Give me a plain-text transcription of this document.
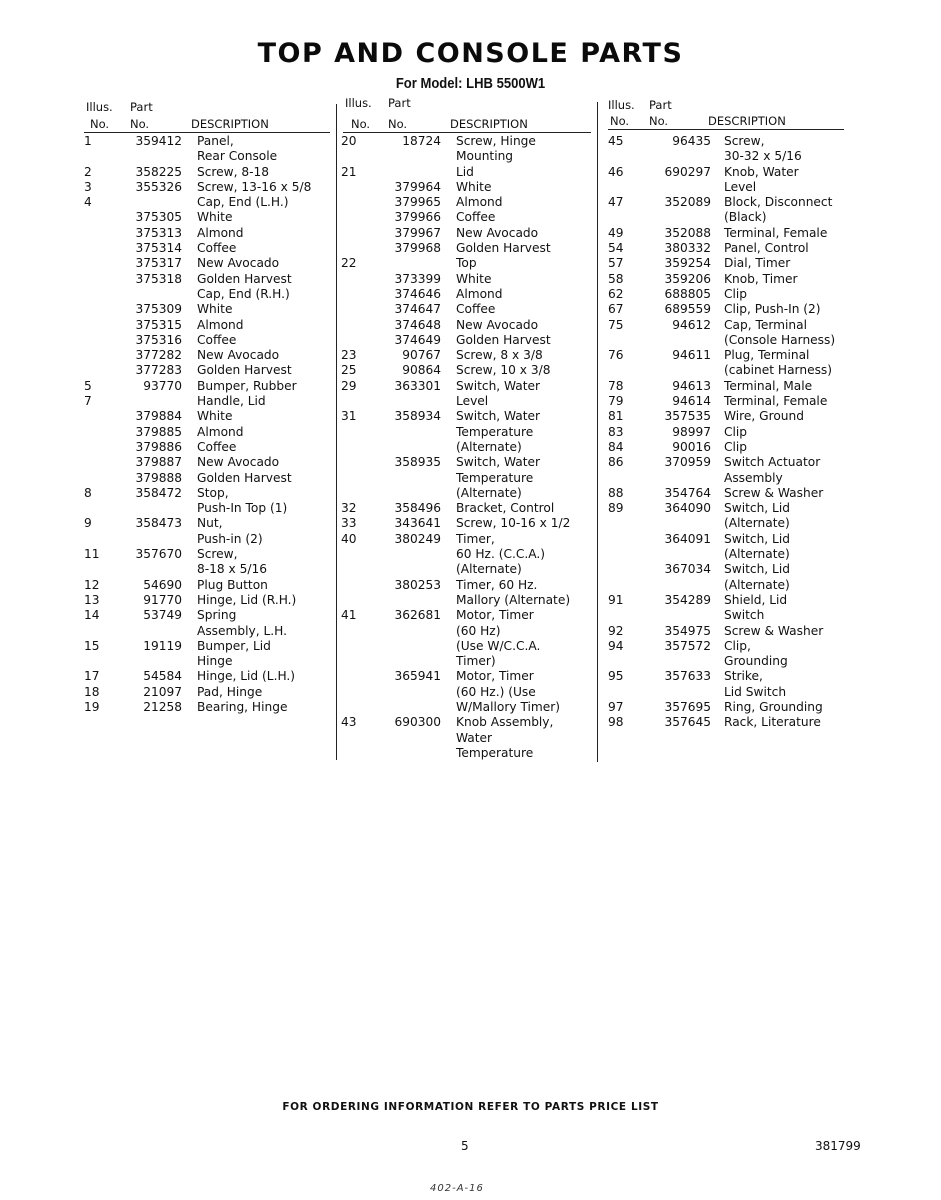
TOP AND CONSOLE PARTS
For Model: LHB 5500W1
Illus. Part
No. No.	DESCRIPTION
1	359412 Panel,
Rear Console
2	358225 Screw, 8-18
3	355326 Screw, 13-16 x 5/8
4	Cap, End (L.H.)
375305 White
375313 Almond
375314 Coffee
375317 New Avocado
375318 Golden Harvest
Cap, End (R.H.)
375309 White
375315 Almond
375316 Coffee
377282 New Avocado
377283 Golden Harvest
5	93770 Bumper, Rubber
7	Handle, Lid
379884 White
379885 Almond
379886 Coffee
379887 New Avocado
379888 Golden Harvest
8	358472 Stop,
Push-In Top (1)
9	358473 Nut,
Push-in (2)
11	357670 Screw,
8-18 x 5/16
12	54690 Plug Button
13	91770 Hinge, Lid (R.H.)
14	53749 Spring
Assembly, L.H.
15	19119 Bumper, Lid
Hinge
17	54584 Hinge, Lid (L.H.)
18	21097 Pad, Hinge
19	21258 Bearing, Hinge
Illus. Part
No. No.	DESCRIPTION
20	18724 Screw, Hinge
Mounting
21	Lid
379964 White
379965 Almond
379966 Coffee
379967 New Avocado
379968 Golden Harvest
22	Top
373399 White
374646 Almond
374647 Coffee
374648 New Avocado
374649 Golden Harvest
23	90767 Screw, 8 x 3/8
25	90864 Screw, 10 x 3/8
29	363301 Switch, Water
Level
31	358934 Switch, Water
Temperature
(Alternate)
358935 Switch, Water
Temperature
(Alternate)
32	358496 Bracket, Control
33	343641 Screw, 10-16 x 1/2
40	380249 Timer,
60 Hz. (C.C.A.)
(Alternate)
380253 Timer, 60 Hz.
Mallory (Alternate)
41	362681 Motor, Timer
(60 Hz)
(Use W/C.C.A.
Timer)
365941 Motor, Timer
(60 Hz.) (Use
W/Mallory Timer)
43	690300 Knob Assembly,
Water
Temperature
Illus. Part
No. No.	DESCRIPTION
45	96435 Screw,
30-32 x 5/16
46	690297 Knob, Water
Level
47	352089 Block, Disconnect
(Black)
49	352088 Terminal, Female
54	380332 Panel, Control
57	359254 Dial, Timer
58	359206 Knob, Timer
62	688805 Clip
67	689559 Clip, Push-In (2)
75	94612 Cap, Terminal
(Console Harness)
76	94611 Plug, Terminal
(cabinet Harness)
78	94613 Terminal, Male
79	94614 Terminal, Female
81	357535 Wire, Ground
83	98997 Clip
84	90016 Clip
86	370959 Switch Actuator
Assembly
88	354764 Screw & Washer
89	364090 Switch, Lid
(Alternate)
364091 Switch, Lid
(Alternate)
367034 Switch, Lid
(Alternate)
91	354289 Shield, Lid
Switch
92	354975 Screw & Washer
94	357572 Clip,
Grounding
95	357633 Strike,
Lid Switch
97	357695 Ring, Grounding
98	357645 Rack, Literature
FOR ORDERING INFORMATION REFER TO PARTS PRICE LIST
5	381799
402-A-16
